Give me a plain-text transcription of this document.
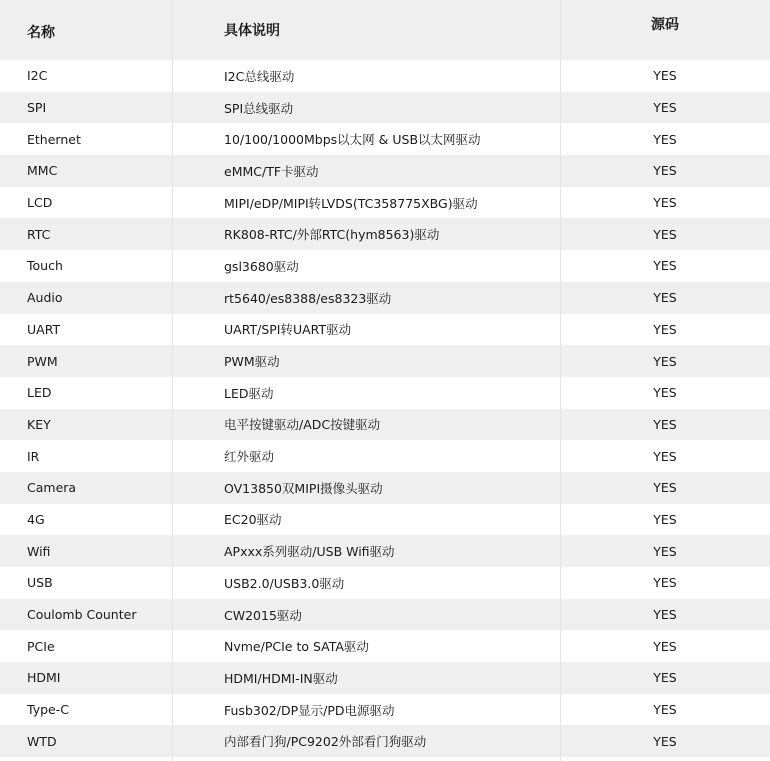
名称	具体说明	源码
I2C	I2C总线驱动	YES
SPI	SPI总线驱动	YES
Ethernet	10/100/1000Mbps以太网 & USB以太网驱动	YES
MMC	eMMC/TF卡驱动	YES
LCD	MIPI/eDP/MIPI转LVDS(TC358775XBG)驱动	YES
RTC	RK808-RTC/外部RTC(hym8563)驱动	YES
Touch	gsl3680驱动	YES
Audio	rt5640/es8388/es8323驱动	YES
UART	UART/SPI转UART驱动	YES
PWM	PWM驱动	YES
LED	LED驱动	YES
KEY	电平按键驱动/ADC按键驱动	YES
IR	红外驱动	YES
Camera	OV13850双MIPI摄像头驱动	YES
4G	EC20驱动	YES
Wifi	APxxx系列驱动/USB Wifi驱动	YES
USB	USB2.0/USB3.0驱动	YES
Coulomb Counter	CW2015驱动	YES
PCIe	Nvme/PCIe to SATA驱动	YES
HDMI	HDMI/HDMI-IN驱动	YES
Type-C	Fusb302/DP显示/PD电源驱动	YES
WTD	内部看门狗/PC9202外部看门狗驱动	YES
